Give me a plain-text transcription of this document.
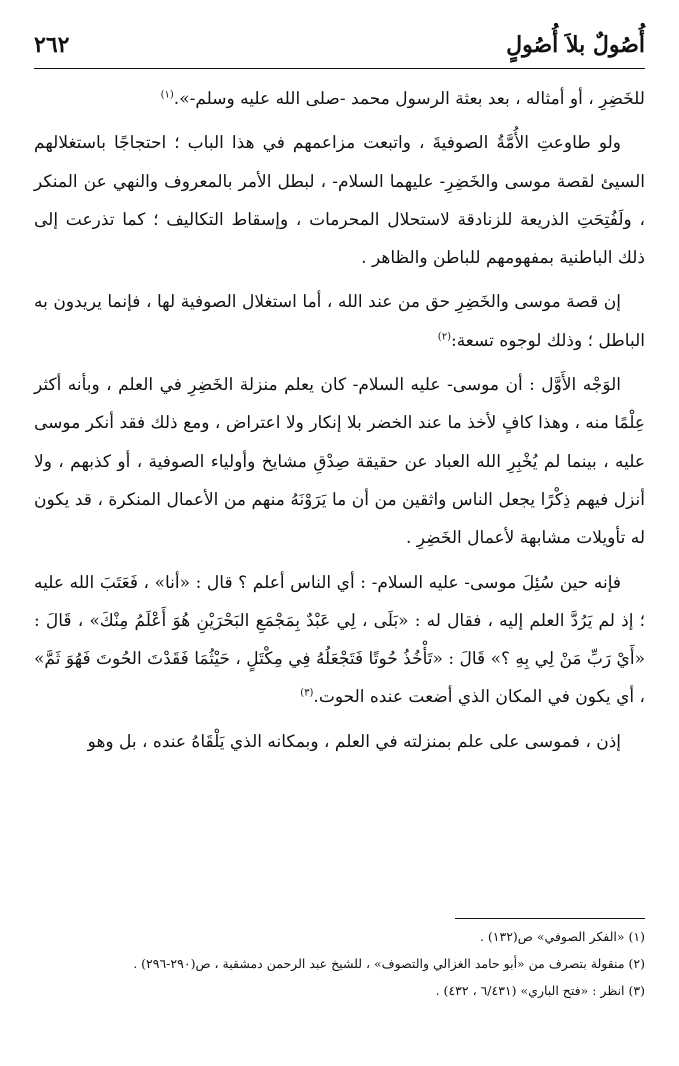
أُصُولٌ بلاَ أُصُولٍ
٢٦٢

للخَضِرِ ، أو أمثاله ، بعد بعثة الرسول محمد -صلى الله عليه وسلم-».$^{(١)}$

ولو طاوعتِ الأُمَّةُ الصوفيةَ ، واتبعت مزاعمهم في هذا الباب ؛ احتجاجًا باستغلالهم السيئ لقصة موسى والخَضِرِ- عليهما السلام- ، لبطل الأمر بالمعروف والنهي عن المنكر ، ولَفُتِحَتِ الذريعة للزنادقة لاستحلال المحرمات ، وإسقاط التكاليف ؛ كما تذرعت إلى ذلك الباطنية بمفهومهم للباطن والظاهر .

إن قصة موسى والخَضِرِ حق من عند الله ، أما استغلال الصوفية لها ، فإنما يريدون به الباطل ؛ وذلك لوجوه تسعة:$^{(٢)}$

الوَجْه الأَوَّل : أن موسى- عليه السلام- كان يعلم منزلة الخَضِرِ في العلم ، وبأنه أكثر عِلْمًا منه ، وهذا كافٍ لأخذ ما عند الخضر بلا إنكار ولا اعتراض ، ومع ذلك فقد أنكر موسى عليه ، بينما لم يُخْبِرِ الله العباد عن حقيقة صِدْقِ مشايخ وأولياء الصوفية ، أو كذبهم ، ولا أنزل فيهم ذِكْرًا يجعل الناس واثقين من أن ما يَرَوْنَهُ منهم من الأعمال المنكرة ، قد يكون له تأويلات مشابهة لأعمال الخَضِرِ .

فإنه حين سُئِلَ موسى- عليه السلام- : أي الناس أعلم ؟ قال : «أنا» ، فَعَتَبَ الله عليه ؛ إذ لم يَرُدَّ العلم إليه ، فقال له : «بَلَى ، لِي عَبْدٌ بِمَجْمَعِ البَحْرَيْنِ هُوَ أَعْلَمُ مِنْكَ» ، قَالَ : «أَيْ رَبِّ مَنْ لِي بِهِ ؟» قَالَ : «تَأْخُذُ حُوتًا فَتَجْعَلُهُ فِي مِكْتَلٍ ، حَيْثُمَا فَقَدْتَ الحُوتَ فَهُوَ ثَمَّ» ، أي يكون في المكان الذي أضعت عنده الحوت.$^{(٣)}$

إذن ، فموسى على علم بمنزلته في العلم ، وبمكانه الذي يَلْقَاهُ عنده ، بل وهو

(١) «الفكر الصوفي» ص(١٣٢) .

(٢) منقولة بتصرف من «أبو حامد الغزالي والتصوف» ، للشيخ عبد الرحمن دمشقية ، ص(٢٩٠-٢٩٦) .

(٣) انظر : «فتح الباري» (٦/٤٣١ ، ٤٣٢) .
